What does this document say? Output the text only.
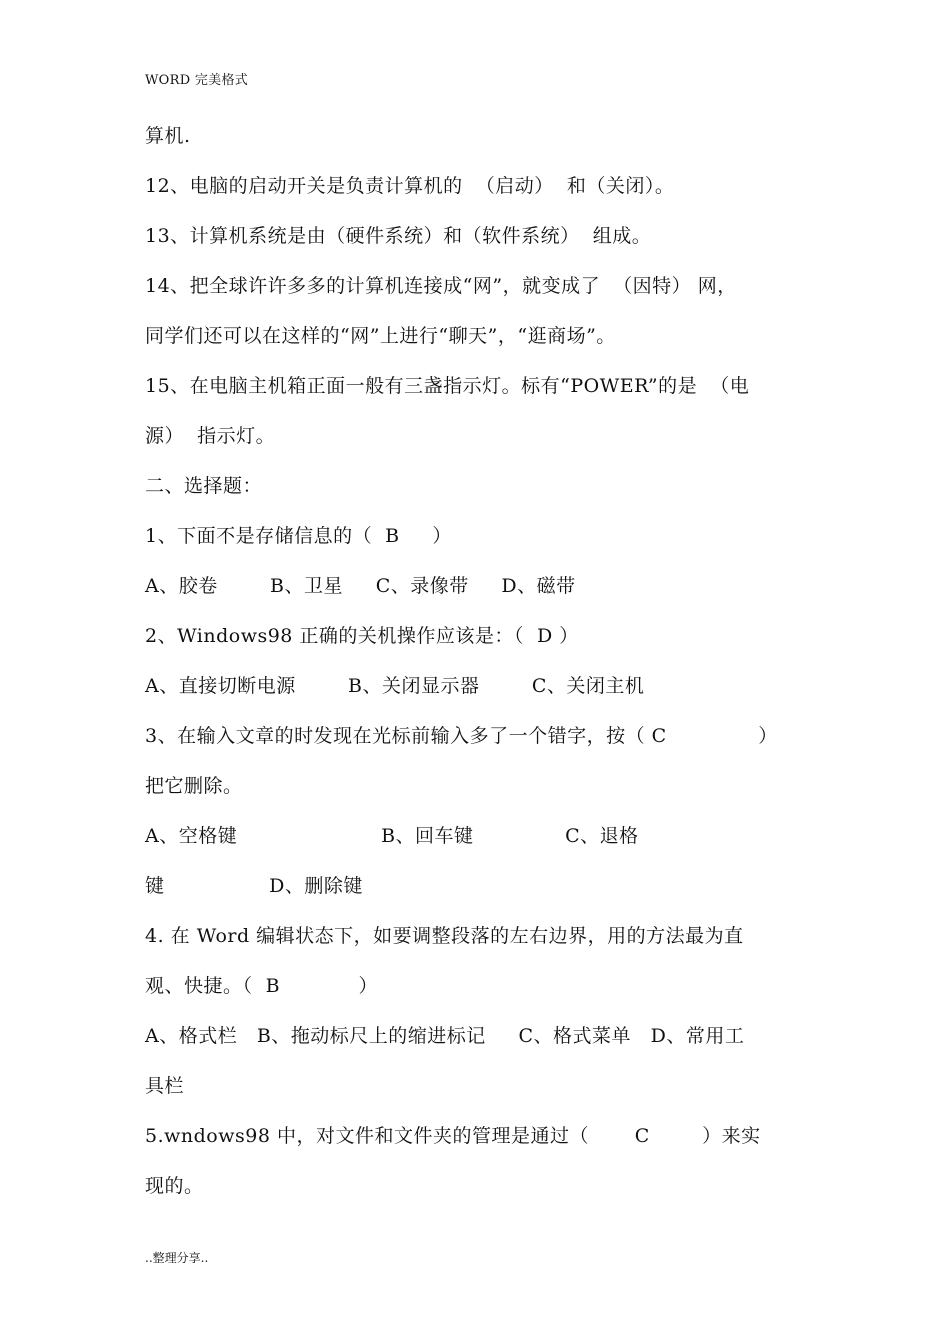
WORD 完美格式
算机.
12、电脑的启动开关是负责计算机的  （启动）  和（关闭）。
13、计算机系统是由（硬件系统）和（软件系统）  组成。
14、把全球许许多多的计算机连接成“网”，就变成了  （因特） 网，
同学们还可以在这样的“网”上进行“聊天”，“逛商场”。
15、在电脑主机箱正面一般有三盏指示灯。标有“POWER”的是  （电
源）  指示灯。
二、选择题：
1、下面不是存储信息的（  B     ）
A、胶卷        B、卫星     C、录像带     D、磁带
2、Windows98 正确的关机操作应该是：（  D ）
A、直接切断电源        B、关闭显示器        C、关闭主机
3、在输入文章的时发现在光标前输入多了一个错字，按（ C              ）
把它删除。
A、空格键                      B、回车键              C、退格
键                D、删除键
4. 在 Word 编辑状态下，如要调整段落的左右边界，用的方法最为直
观、快捷。（  B            ）
A、格式栏   B、拖动标尺上的缩进标记     C、格式菜单   D、常用工
具栏
5.wndows98 中，对文件和文件夹的管理是通过（       C        ）来实
现的。
..整理分享..
